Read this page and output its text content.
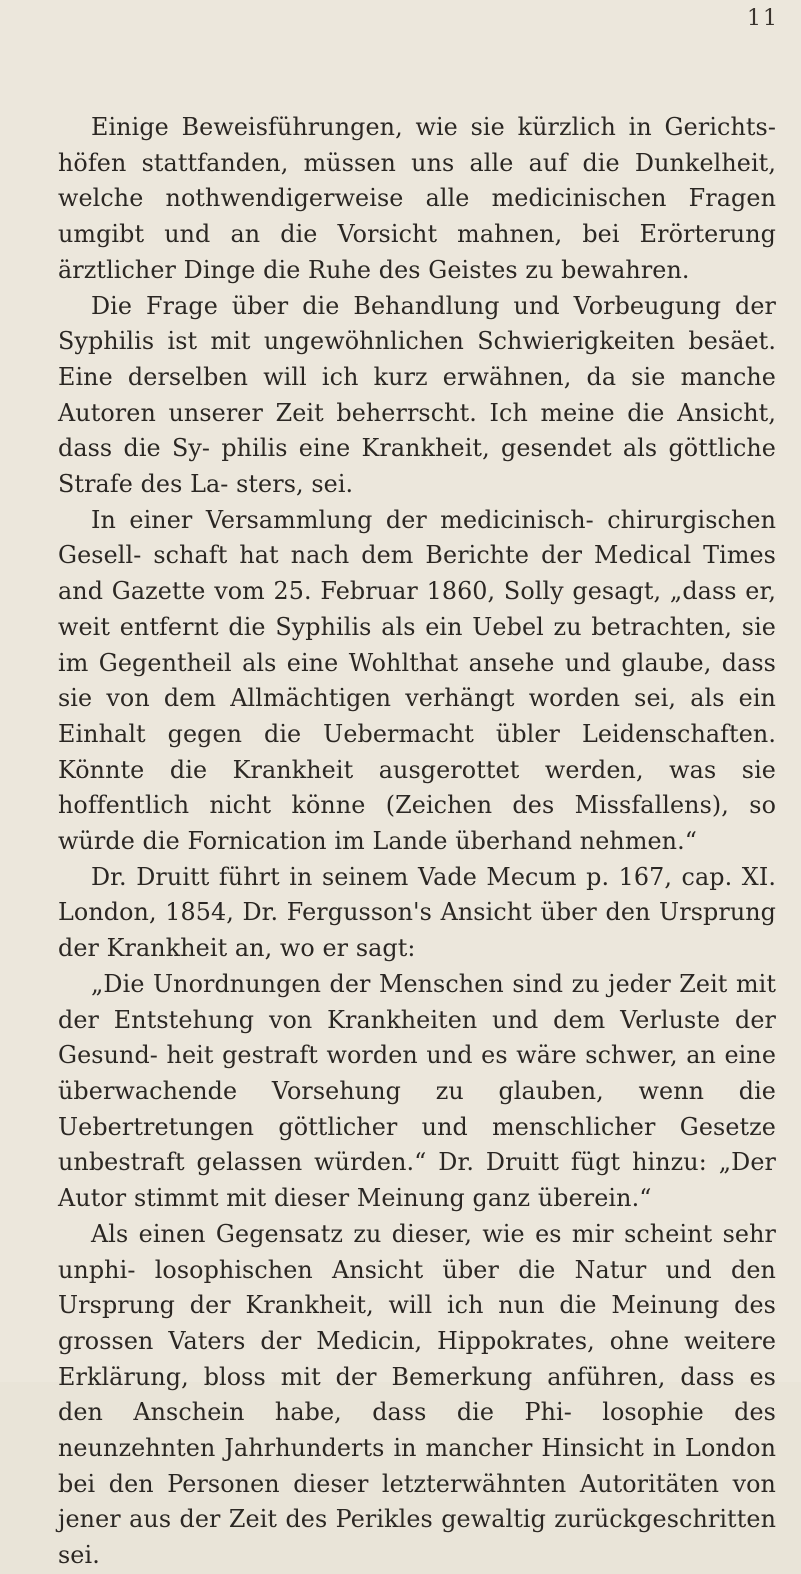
11

Einige Beweisführungen, wie sie kürzlich in Gerichts- höfen stattfanden, müssen uns alle auf die Dunkelheit, welche nothwendigerweise alle medicinischen Fragen umgibt und an die Vorsicht mahnen, bei Erörterung ärztlicher Dinge die Ruhe des Geistes zu bewahren.

Die Frage über die Behandlung und Vorbeugung der Syphilis ist mit ungewöhnlichen Schwierigkeiten besäet. Eine derselben will ich kurz erwähnen, da sie manche Autoren unserer Zeit beherrscht. Ich meine die Ansicht, dass die Sy- philis eine Krankheit, gesendet als göttliche Strafe des La- sters, sei.

In einer Versammlung der medicinisch- chirurgischen Gesell- schaft hat nach dem Berichte der Medical Times and Gazette vom 25. Februar 1860, Solly gesagt, „dass er, weit entfernt die Syphilis als ein Uebel zu betrachten, sie im Gegentheil als eine Wohlthat ansehe und glaube, dass sie von dem Allmächtigen verhängt worden sei, als ein Einhalt gegen die Uebermacht übler Leidenschaften. Könnte die Krankheit ausgerottet werden, was sie hoffentlich nicht könne (Zeichen des Missfallens), so würde die Fornication im Lande überhand nehmen.“

Dr. Druitt führt in seinem Vade Mecum p. 167, cap. XI. London, 1854, Dr. Fergusson's Ansicht über den Ursprung der Krankheit an, wo er sagt:

„Die Unordnungen der Menschen sind zu jeder Zeit mit der Entstehung von Krankheiten und dem Verluste der Gesund- heit gestraft worden und es wäre schwer, an eine überwachende Vorsehung zu glauben, wenn die Uebertretungen göttlicher und menschlicher Gesetze unbestraft gelassen würden.“ Dr. Druitt fügt hinzu: „Der Autor stimmt mit dieser Meinung ganz überein.“

Als einen Gegensatz zu dieser, wie es mir scheint sehr unphi- losophischen Ansicht über die Natur und den Ursprung der Krankheit, will ich nun die Meinung des grossen Vaters der Medicin, Hippokrates, ohne weitere Erklärung, bloss mit der Bemerkung anführen, dass es den Anschein habe, dass die Phi- losophie des neunzehnten Jahrhunderts in mancher Hinsicht in London bei den Personen dieser letzterwähnten Autoritäten von jener aus der Zeit des Perikles gewaltig zurückgeschritten sei.
